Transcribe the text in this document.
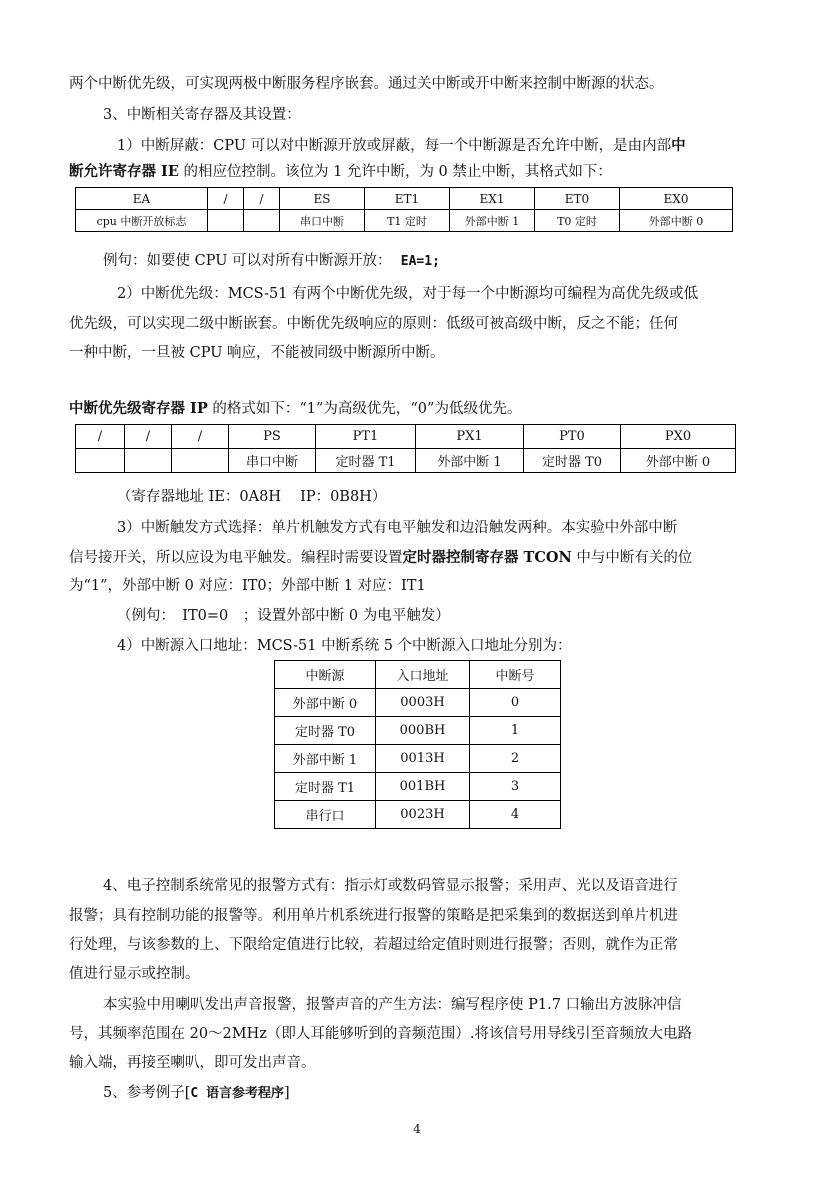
两个中断优先级，可实现两极中断服务程序嵌套。通过关中断或开中断来控制中断源的状态。
3、中断相关寄存器及其设置：
1）中断屏蔽：CPU 可以对中断源开放或屏蔽，每一个中断源是否允许中断，是由内部中
断允许寄存器 IE 的相应位控制。该位为 1 允许中断，为 0 禁止中断，其格式如下：
EA	/	/	ES	ET1	EX1	ET0	EX0
cpu 中断开放标志			串口中断	T1 定时	外部中断 1	T0 定时	外部中断 0
例句：如要使 CPU 可以对所有中断源开放： EA=1;
2）中断优先级：MCS-51 有两个中断优先级，对于每一个中断源均可编程为高优先级或低
优先级，可以实现二级中断嵌套。中断优先级响应的原则：低级可被高级中断，反之不能；任何
一种中断，一旦被 CPU 响应，不能被同级中断源所中断。
中断优先级寄存器 IP 的格式如下：“1”为高级优先，“0”为低级优先。
/	/	/	PS	PT1	PX1	PT0	PX0
			串口中断	定时器 T1	外部中断 1	定时器 T0	外部中断 0
（寄存器地址 IE：0A8H　 IP：0B8H）
3）中断触发方式选择：单片机触发方式有电平触发和边沿触发两种。本实验中外部中断
信号接开关，所以应设为电平触发。编程时需要设置定时器控制寄存器 TCON 中与中断有关的位
为“1”，外部中断 0 对应：IT0；外部中断 1 对应：IT1
（例句：　IT0=0　；设置外部中断 0 为电平触发）
4）中断源入口地址：MCS-51 中断系统 5 个中断源入口地址分别为：
中断源	入口地址	中断号
外部中断 0	0003H	0
定时器 T0	000BH	1
外部中断 1	0013H	2
定时器 T1	001BH	3
串行口	0023H	4
4、电子控制系统常见的报警方式有：指示灯或数码管显示报警；采用声、光以及语音进行
报警；具有控制功能的报警等。利用单片机系统进行报警的策略是把采集到的数据送到单片机进
行处理，与该参数的上、下限给定值进行比较，若超过给定值时则进行报警；否则，就作为正常
值进行显示或控制。
本实验中用喇叭发出声音报警，报警声音的产生方法：编写程序使 P1.7 口输出方波脉冲信
号，其频率范围在 20～2MHz（即人耳能够听到的音频范围）.将该信号用导线引至音频放大电路
输入端，再接至喇叭，即可发出声音。
5、参考例子[C 语言参考程序]
4
